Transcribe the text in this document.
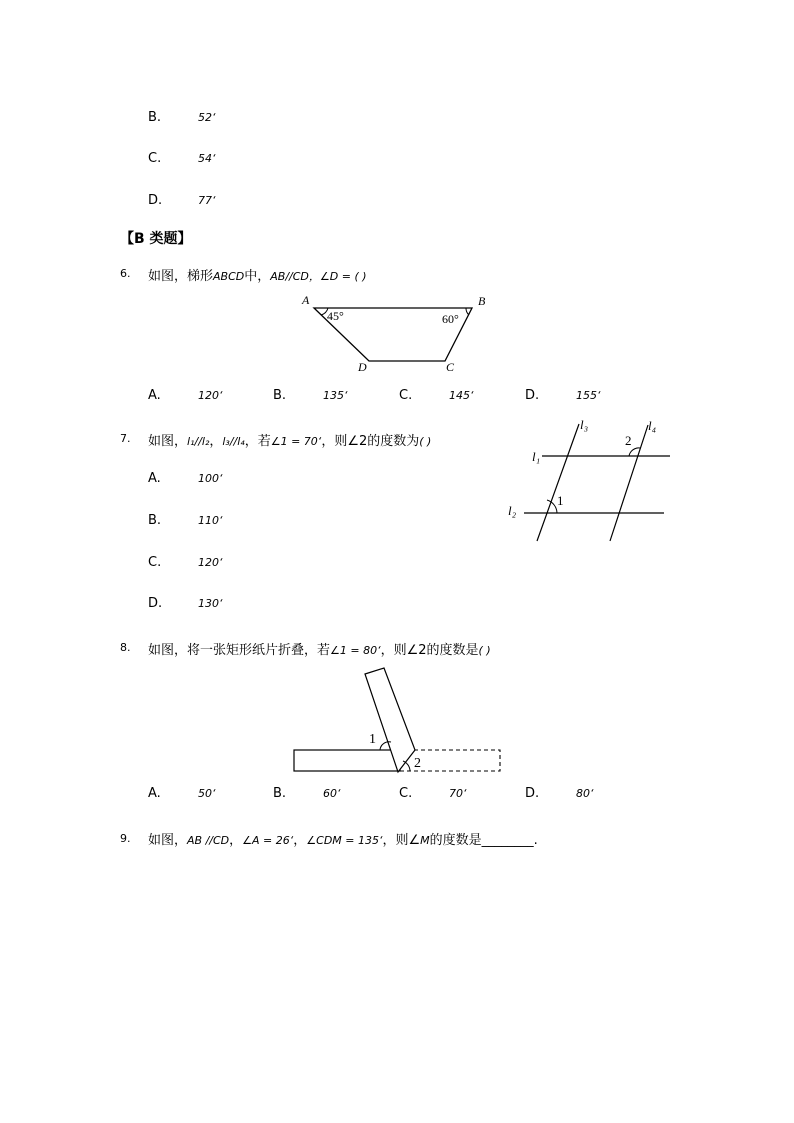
B.	52‘
C.	54‘
D.	77‘
【B 类题】
6. 如图，梯形ABCD中，AB//CD，∠D = ( )
A	B
C
D
45°	60°
A.	120‘	B.	135‘	C.	145‘	D.	155‘
7. 如图，l₁//l₂，l₃//l₄，若∠1 = 70‘，则∠2的度数为( )
l₁
l₂
l₃	l₄
1
2
A.	100‘
B.	110‘
C.	120‘
D.	130‘
8. 如图，将一张矩形纸片折叠，若∠1 = 80‘，则∠2的度数是( )
1
2
A.	50‘	B.	60‘	C.	70‘	D.	80‘
9. 如图，AB //CD，∠A = 26‘，∠CDM = 135‘，则∠M的度数是________.
